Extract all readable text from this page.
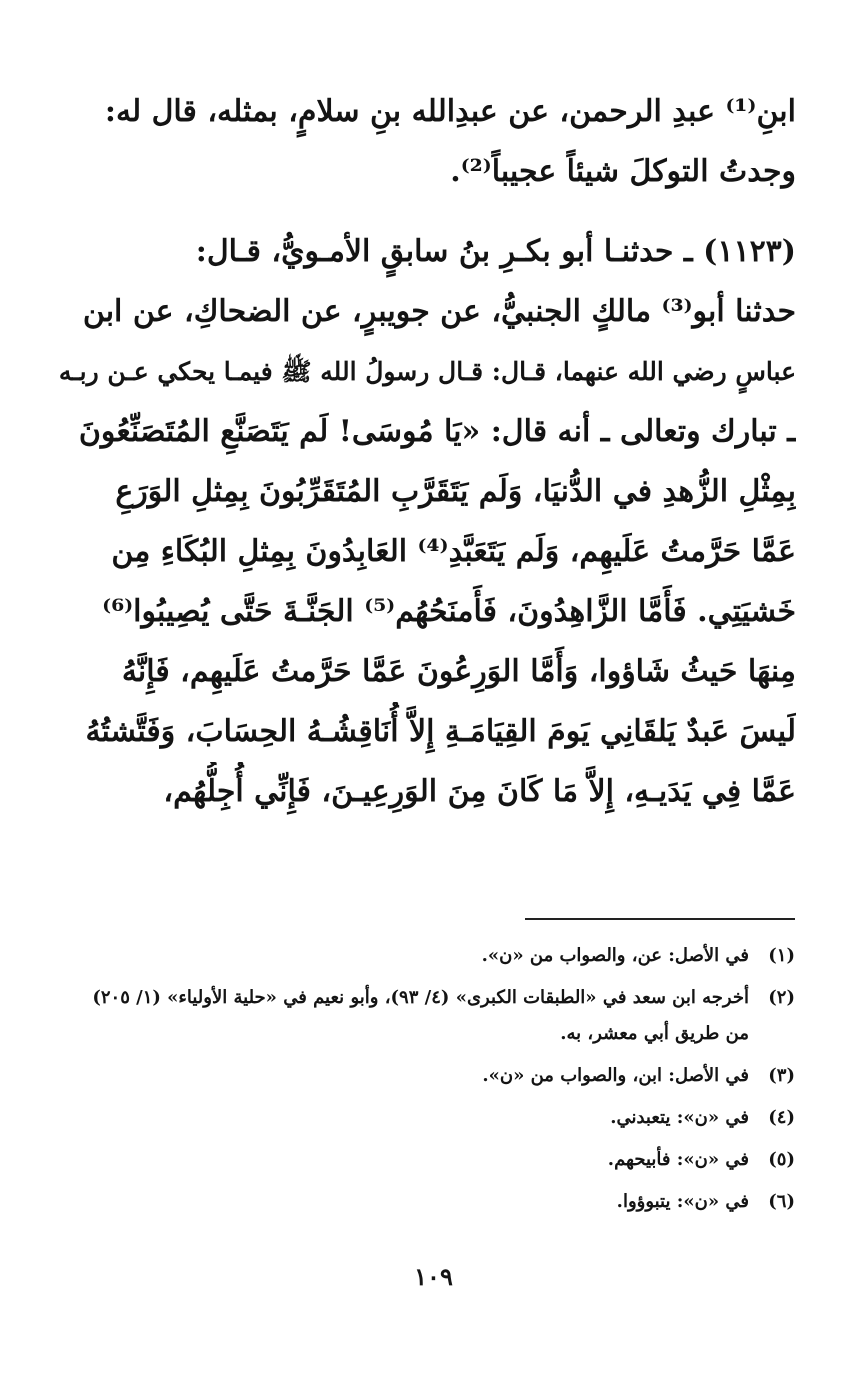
ابنِ⁽¹⁾ عبدِ الرحمن، عن عبدِالله بنِ سلامٍ، بمثله، قال له:
وجدتُ التوكلَ شيئاً عجيباً⁽²⁾.
(١١٢٣) ـ حدثنـا أبو بكـرِ بنُ سابقٍ الأمـويُّ، قـال:
حدثنا أبو⁽³⁾ مالكٍ الجنبيُّ، عن جويبرٍ، عن الضحاكِ، عن ابن
عباسٍ رضي الله عنهما، قـال: قـال رسولُ الله ﷺ فيمـا يحكي عـن ربـه
ـ تبارك وتعالى ـ أنه قال: «يَا مُوسَى! لَم يَتَصَنَّعِ المُتَصَنِّعُونَ
بِمِثْلِ الزُّهدِ في الدُّنيَا، وَلَم يَتَقَرَّبِ المُتَقَرِّبُونَ بِمِثلِ الوَرَعِ
عَمَّا حَرَّمتُ عَلَيهِم، وَلَم يَتَعَبَّدِ⁽⁴⁾ العَابِدُونَ بِمِثلِ البُكَاءِ مِن
خَشيَتِي. فَأَمَّا الزَّاهِدُونَ، فَأَمنَحُهُم⁽⁵⁾ الجَنَّـةَ حَتَّى يُصِيبُوا⁽⁶⁾
مِنهَا حَيثُ شَاؤوا، وَأَمَّا الوَرِعُونَ عَمَّا حَرَّمتُ عَلَيهِم، فَإِنَّهُ
لَيسَ عَبدٌ يَلقَانِي يَومَ القِيَامَـةِ إِلاَّ أُنَاقِشُـهُ الحِسَابَ، وَفَتَّشتُهُ
عَمَّا فِي يَدَيـهِ، إِلاَّ مَا كَانَ مِنَ الوَرِعِيـنَ، فَإِنِّي أُجِلُّهُم،
(١)
في الأصل: عن، والصواب من «ن».
(٢)
أخرجه ابن سعد في «الطبقات الكبرى» (٤/ ٩٣)، وأبو نعيم في «حلية الأولياء» (١/ ٢٠٥) من طريق أبي معشر، به.
(٣)
في الأصل: ابن، والصواب من «ن».
(٤)
في «ن»: يتعبدني.
(٥)
في «ن»: فأبيحهم.
(٦)
في «ن»: يتبوؤوا.
١٠٩
